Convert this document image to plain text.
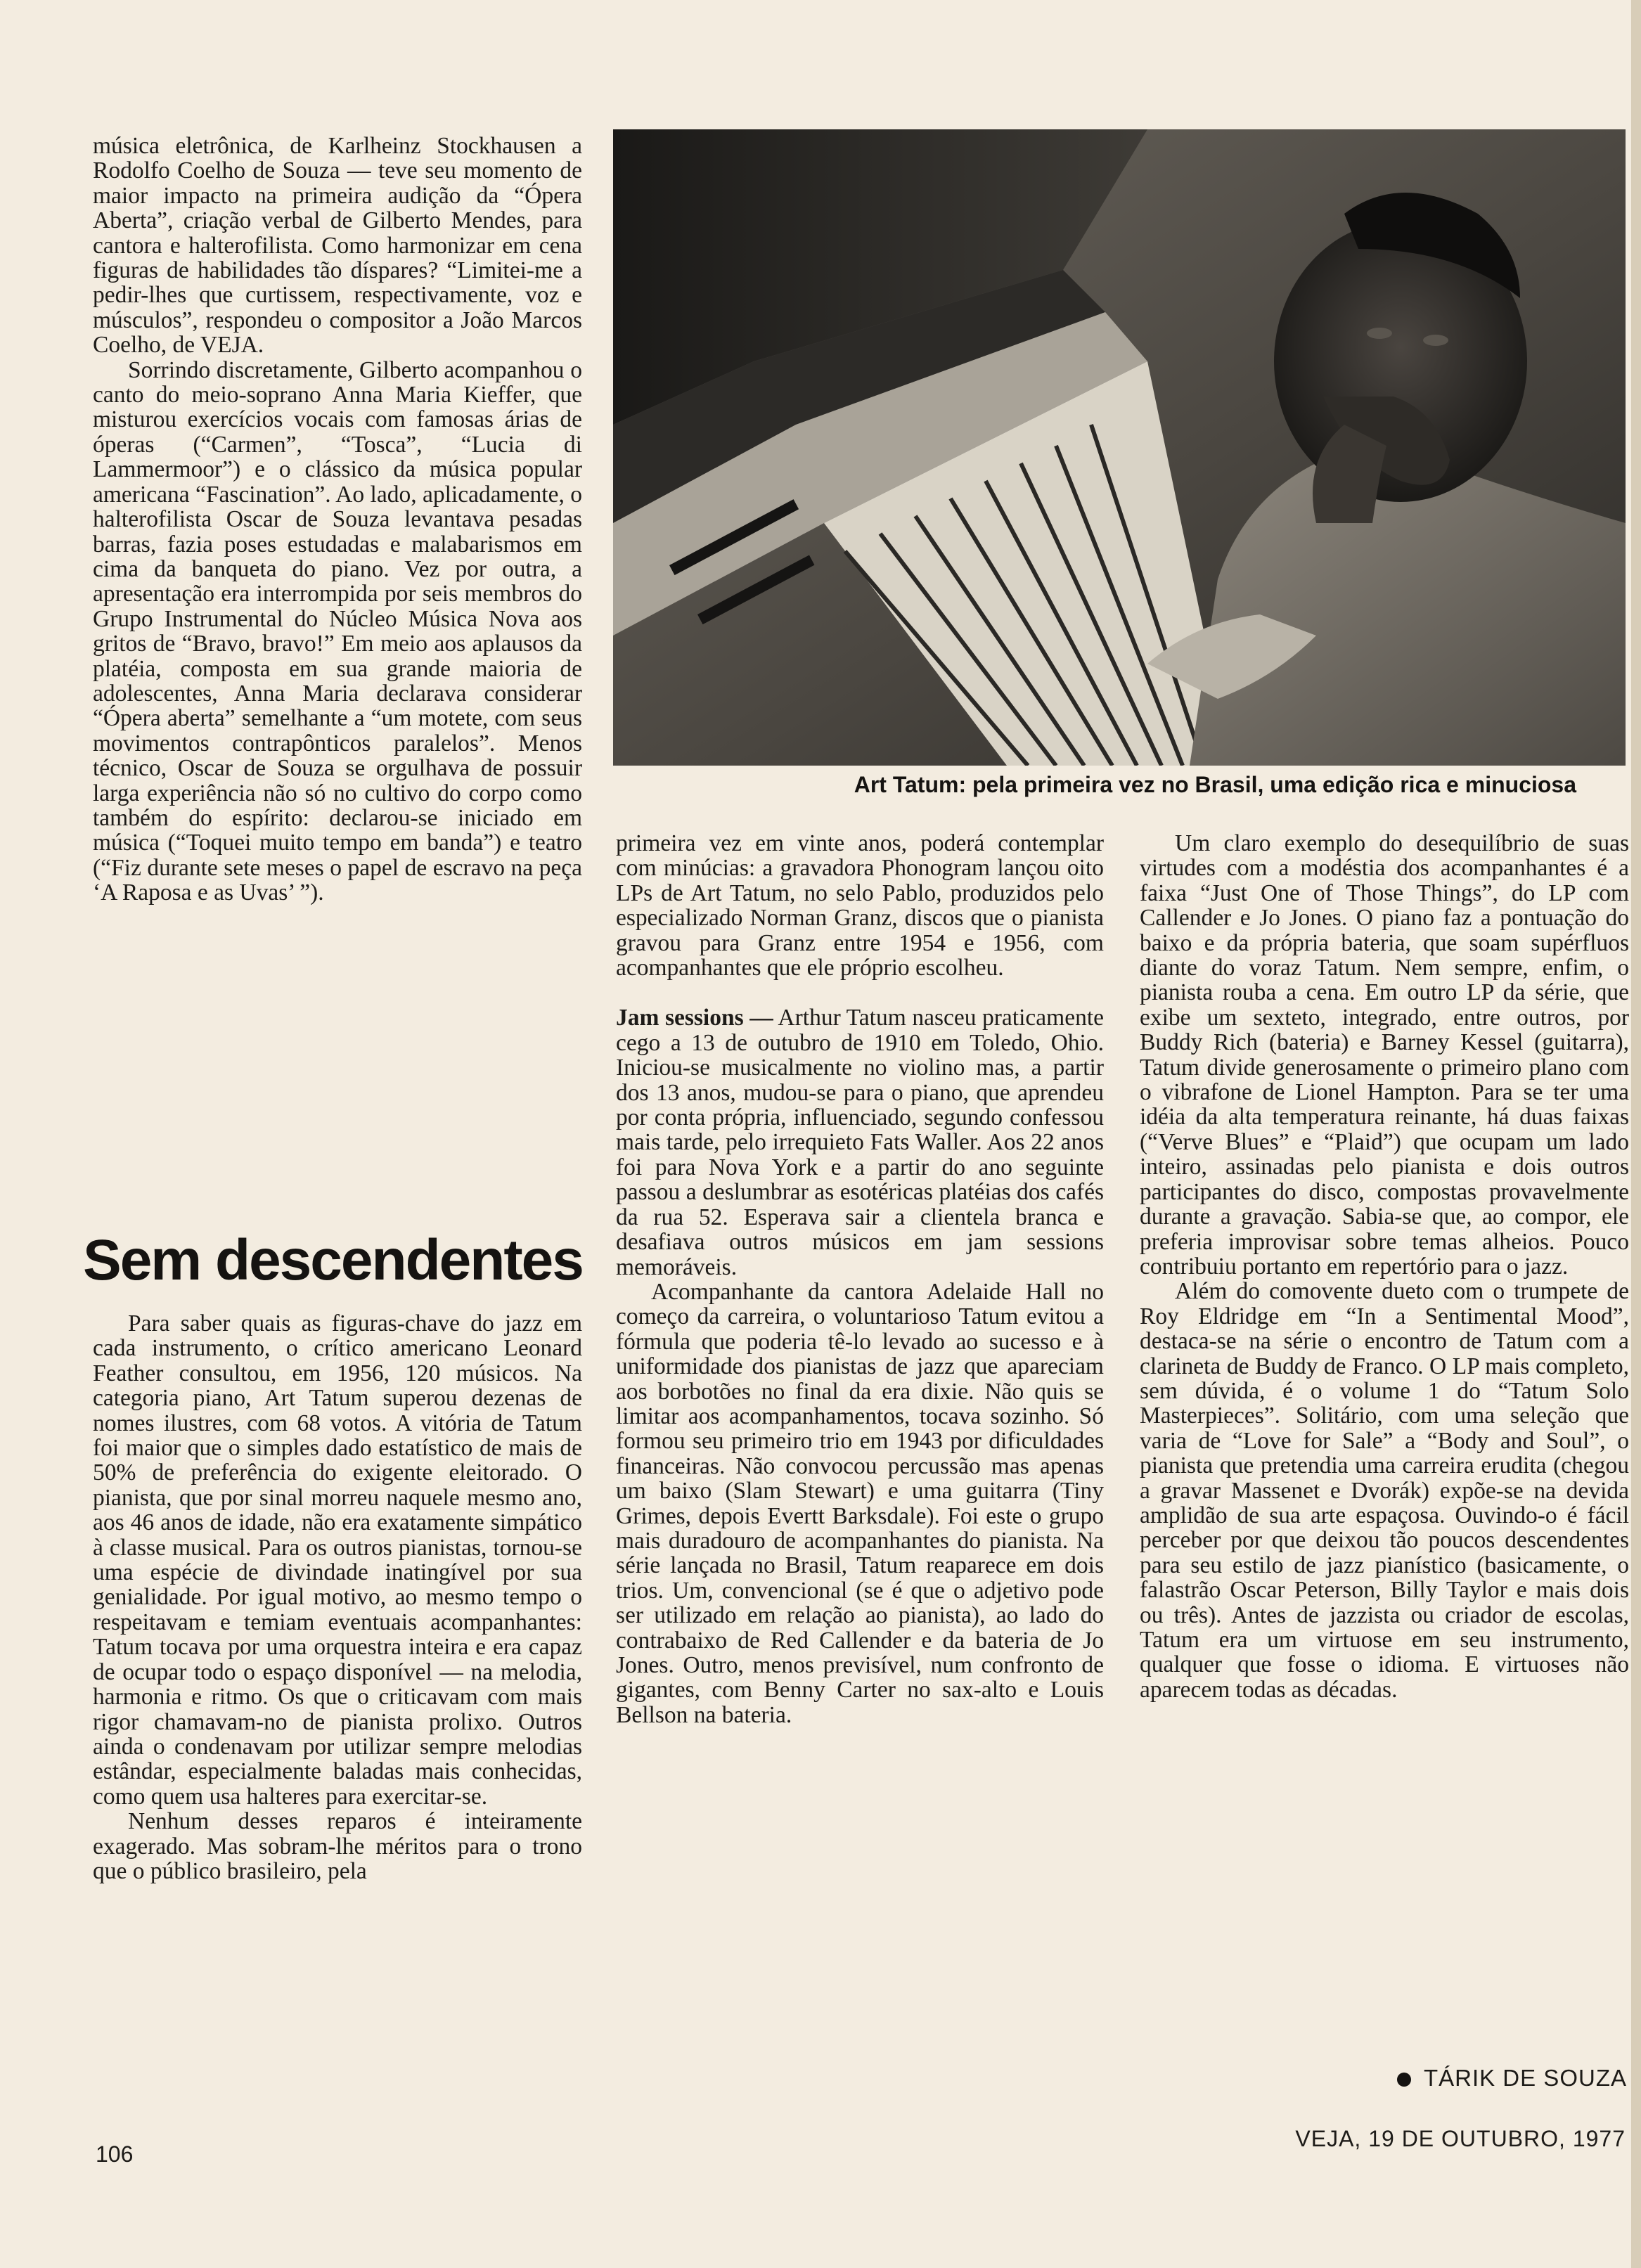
música eletrônica, de Karlheinz Stockhausen a Rodolfo Coelho de Souza — teve seu momento de maior impacto na primeira audição da “Ópera Aberta”, criação verbal de Gilberto Mendes, para cantora e halterofilista. Como harmonizar em cena figuras de habilidades tão díspares? “Limitei-me a pedir-lhes que curtissem, respectivamente, voz e músculos”, respondeu o compositor a João Marcos Coelho, de VEJA.

Sorrindo discretamente, Gilberto acompanhou o canto do meio-soprano Anna Maria Kieffer, que misturou exercícios vocais com famosas árias de óperas (“Carmen”, “Tosca”, “Lucia di Lammermoor”) e o clássico da música popular americana “Fascination”. Ao lado, aplicadamente, o halterofilista Oscar de Souza levantava pesadas barras, fazia poses estudadas e malabarismos em cima da banqueta do piano. Vez por outra, a apresentação era interrompida por seis membros do Grupo Instrumental do Núcleo Música Nova aos gritos de “Bravo, bravo!” Em meio aos aplausos da platéia, composta em sua grande maioria de adolescentes, Anna Maria declarava considerar “Ópera aberta” semelhante a “um motete, com seus movimentos contrapônticos paralelos”. Menos técnico, Oscar de Souza se orgulhava de possuir larga experiência não só no cultivo do corpo como também do espírito: declarou-se iniciado em música (“Toquei muito tempo em banda”) e teatro (“Fiz durante sete meses o papel de escravo na peça ‘A Raposa e as Uvas’ ”).

Sem descendentes

Para saber quais as figuras-chave do jazz em cada instrumento, o crítico americano Leonard Feather consultou, em 1956, 120 músicos. Na categoria piano, Art Tatum superou dezenas de nomes ilustres, com 68 votos. A vitória de Tatum foi maior que o simples dado estatístico de mais de 50% de preferência do exigente eleitorado. O pianista, que por sinal morreu naquele mesmo ano, aos 46 anos de idade, não era exatamente simpático à classe musical. Para os outros pianistas, tornou-se uma espécie de divindade inatingível por sua genialidade. Por igual motivo, ao mesmo tempo o respeitavam e temiam eventuais acompanhantes: Tatum tocava por uma orquestra inteira e era capaz de ocupar todo o espaço disponível — na melodia, harmonia e ritmo. Os que o criticavam com mais rigor chamavam-no de pianista prolixo. Outros ainda o condenavam por utilizar sempre melodias estândar, especialmente baladas mais conhecidas, como quem usa halteres para exercitar-se.

Nenhum desses reparos é inteiramente exagerado. Mas sobram-lhe méritos para o trono que o público brasileiro, pela

Art Tatum: pela primeira vez no Brasil, uma edição rica e minuciosa

primeira vez em vinte anos, poderá contemplar com minúcias: a gravadora Phonogram lançou oito LPs de Art Tatum, no selo Pablo, produzidos pelo especializado Norman Granz, discos que o pianista gravou para Granz entre 1954 e 1956, com acompanhantes que ele próprio escolheu.

Jam sessions — Arthur Tatum nasceu praticamente cego a 13 de outubro de 1910 em Toledo, Ohio. Iniciou-se musicalmente no violino mas, a partir dos 13 anos, mudou-se para o piano, que aprendeu por conta própria, influenciado, segundo confessou mais tarde, pelo irrequieto Fats Waller. Aos 22 anos foi para Nova York e a partir do ano seguinte passou a deslumbrar as esotéricas platéias dos cafés da rua 52. Esperava sair a clientela branca e desafiava outros músicos em jam sessions memoráveis.

Acompanhante da cantora Adelaide Hall no começo da carreira, o voluntarioso Tatum evitou a fórmula que poderia tê-lo levado ao sucesso e à uniformidade dos pianistas de jazz que apareciam aos borbotões no final da era dixie. Não quis se limitar aos acompanhamentos, tocava sozinho. Só formou seu primeiro trio em 1943 por dificuldades financeiras. Não convocou percussão mas apenas um baixo (Slam Stewart) e uma guitarra (Tiny Grimes, depois Evertt Barksdale). Foi este o grupo mais duradouro de acompanhantes do pianista. Na série lançada no Brasil, Tatum reaparece em dois trios. Um, convencional (se é que o adjetivo pode ser utilizado em relação ao pianista), ao lado do contrabaixo de Red Callender e da bateria de Jo Jones. Outro, menos previsível, num confronto de gigantes, com Benny Carter no sax-alto e Louis Bellson na bateria.

Um claro exemplo do desequilíbrio de suas virtudes com a modéstia dos acompanhantes é a faixa “Just One of Those Things”, do LP com Callender e Jo Jones. O piano faz a pontuação do baixo e da própria bateria, que soam supérfluos diante do voraz Tatum. Nem sempre, enfim, o pianista rouba a cena. Em outro LP da série, que exibe um sexteto, integrado, entre outros, por Buddy Rich (bateria) e Barney Kessel (guitarra), Tatum divide generosamente o primeiro plano com o vibrafone de Lionel Hampton. Para se ter uma idéia da alta temperatura reinante, há duas faixas (“Verve Blues” e “Plaid”) que ocupam um lado inteiro, assinadas pelo pianista e dois outros participantes do disco, compostas provavelmente durante a gravação. Sabia-se que, ao compor, ele preferia improvisar sobre temas alheios. Pouco contribuiu portanto em repertório para o jazz.

Além do comovente dueto com o trumpete de Roy Eldridge em “In a Sentimental Mood”, destaca-se na série o encontro de Tatum com a clarineta de Buddy de Franco. O LP mais completo, sem dúvida, é o volume 1 do “Tatum Solo Masterpieces”. Solitário, com uma seleção que varia de “Love for Sale” a “Body and Soul”, o pianista que pretendia uma carreira erudita (chegou a gravar Massenet e Dvorák) expõe-se na devida amplidão de sua arte espaçosa. Ouvindo-o é fácil perceber por que deixou tão poucos descendentes para seu estilo de jazz pianístico (basicamente, o falastrão Oscar Peterson, Billy Taylor e mais dois ou três). Antes de jazzista ou criador de escolas, Tatum era um virtuose em seu instrumento, qualquer que fosse o idioma. E virtuoses não aparecem todas as décadas.

TÁRIK DE SOUZA
106
VEJA, 19 DE OUTUBRO, 1977
